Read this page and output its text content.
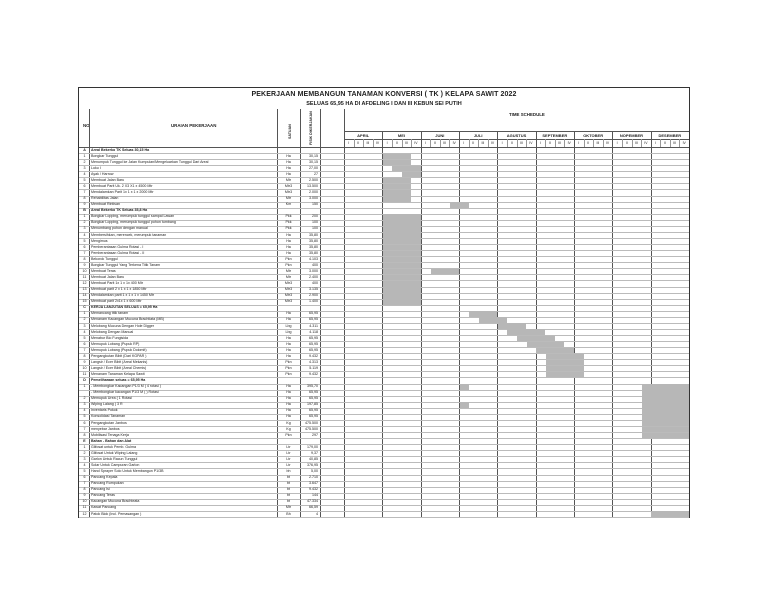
PEKERJAAN MEMBANGUN TANAMAN KONVERSI ( TK ) KELAPA SAWIT 2022
SELUAS 65,95 HA DI AFDELING I DAN III KEBUN SEI PUTIH
NO	URAIAN PEKERJAAN	SATUAN	FISIK DIKERJAKAN	TIME SCHEDULE
APRIL
I	II	III	IV
MEI
I	II	III	IV
JUNI
I	II	III	IV
JULI
I	II	III	IV
AGUSTUS
I	II	III	IV
SEPTEMBER
I	II	III	IV
OKTOBER
I	II	III	IV
NOPEMBER
I	II	III	IV
DESEMBER
I	II	III	IV
A	Areal Bekerko TK Seluas 30,15 Ha
1	Bongkar Tunggul	Ha	30,15
2	Menumpuk Tunggul ke Jalan Kumpulan/Mengeluarkan Tunggul Dari Areal	Ha	30,15
3	Luku I	Ha	27,00
4	Ayak / Harrow	Ha	27
5	Membuat Jalan Baru	Mtr	2.500
6	Membuat Parit Uk. 2 X3 X1 x 4500 Mtr	Mtr3	13.500
7	Mendalamkan Parit 1x 1 x 1 x 2000 Mtr	Mtr3	2.000
8	Rehabilitas Jalan	Mtr	3.000
9	Membuat Rintisan	Km	150
B	Areal Bekerko TK Seluas 35,8 Ha
1	Bongkar Lopping, merumpuk tunggul sampai Lawan	Pkk	200
2	Bongkar Lopping, merumpuk tunggul pohon tumbang	Pkk	100
3	Menumbang pohon dengan manual	Pkk	100
4	Membersihkan, merencek, merumpuk tanaman	Ha	35,80
5	Mengimus	Ha	35,80
6	Pemberantasan Gulma Rotasi - I	Ha	35,80
7	Pemberantasan Gulma Rotasi - II	Ha	35,80
8	Bekorok Tunggul	Pkn	4.103
9	Bongkar Tunggul Yang Terkena Titik Tanam	Pkn	400
10	Membuat Teras	Mtr	3.000
11	Membuat Jalan Baru	Mtr	2.400
12	Membuat Parit 1x 1 x 1x 400 Mtr	Mtr3	400
13	Membuat parit 2 x 1 x 1 x 1850 Mtr	Mtr3	3.135
14	Mendalamkan parit 1 x 1 x 1 x 1450 Mtr	Mtr3	2.900
15	Membuat parit 2x1x 1 x 600 Mtr	Mtr3	1.400
C	KERJA LANJUTAN SELUAS = 65,95 Ha
1	Memancang titik tanam	Ha	65,95
2	Menanam Kacangan Mucuna Brachtiata (MB)	Ha	65,95
3	Melobang Mucuna Dengan Hole Digger	Lbg	4.311
4	Melobang Dengan Manual	Lbg	4.118
5	Menabur Bio Fungisida	Ha	65,95
6	Memupuk Lobang (Pupuk RP)	Ha	65,95
7	Memupuk Lobang (Pupuk Dolomit)	Ha	65,95
8	Pengangkutan Bibit (Dari KGPAR )	Ha	9.432
9	Langsir / Ecer Bibit (Areal Mekanis)	Pkn	4.313
10	Langsir / Ecer Bibit (Areal Chemis)	Pkn	5.119
11	Menanam Tanaman Kelapa Sawit	Pkn	9.432
D	Pemeliharaan seluas = 65,95 Ha
1	- Membongkar Kacangan P1/3 M ( 4 rotasi )	Ha	395,70
- Membongkar kacangan P1/3 M ( ) Rotasi	Ha	65,95
2	Memupuk Urea ( 1 Rotasi	Ha	65,95
3	Wiping Lalang ( 3 R	Ha	197,85
4	Inventaris Pokok	Ha	65,95
5	Konsolidasi Tanaman	Ha	65,95
6	Pengangkutan Janbos	Kg	475.500
7	menyebar Janbos	Kg	475.500
8	Mobilisasi Tenaga Kerja	Pkn	297
E	Bahan - Bahan dan Alat
1	Glifosat untuk Pemb. Gulma	Ltr	179,00
2	Glifosat Untuk Wiping Lalang	Ltr	9,37
3	Garlon Untuk Racun Tunggul	Ltr	40,85
4	Solar Untuk Campuran Garlon	Ltr	376,95
5	Hand Sprayer Solo Untuk Membangun P1/3B	bh	5,00
6	Pancang Kepala	bt	2.710
7	Pancang Rumpukan	bt	3.647
8	Pancang Isi	bt	9.432
9	Pancang Teras	bt	144
10	Kacangan Mucuna Brachteata	bt	47.334
11	Kawat Pancang	Mtr	66,59
12	Patok Blok (Incl. Pemasangan )	Bh	4
